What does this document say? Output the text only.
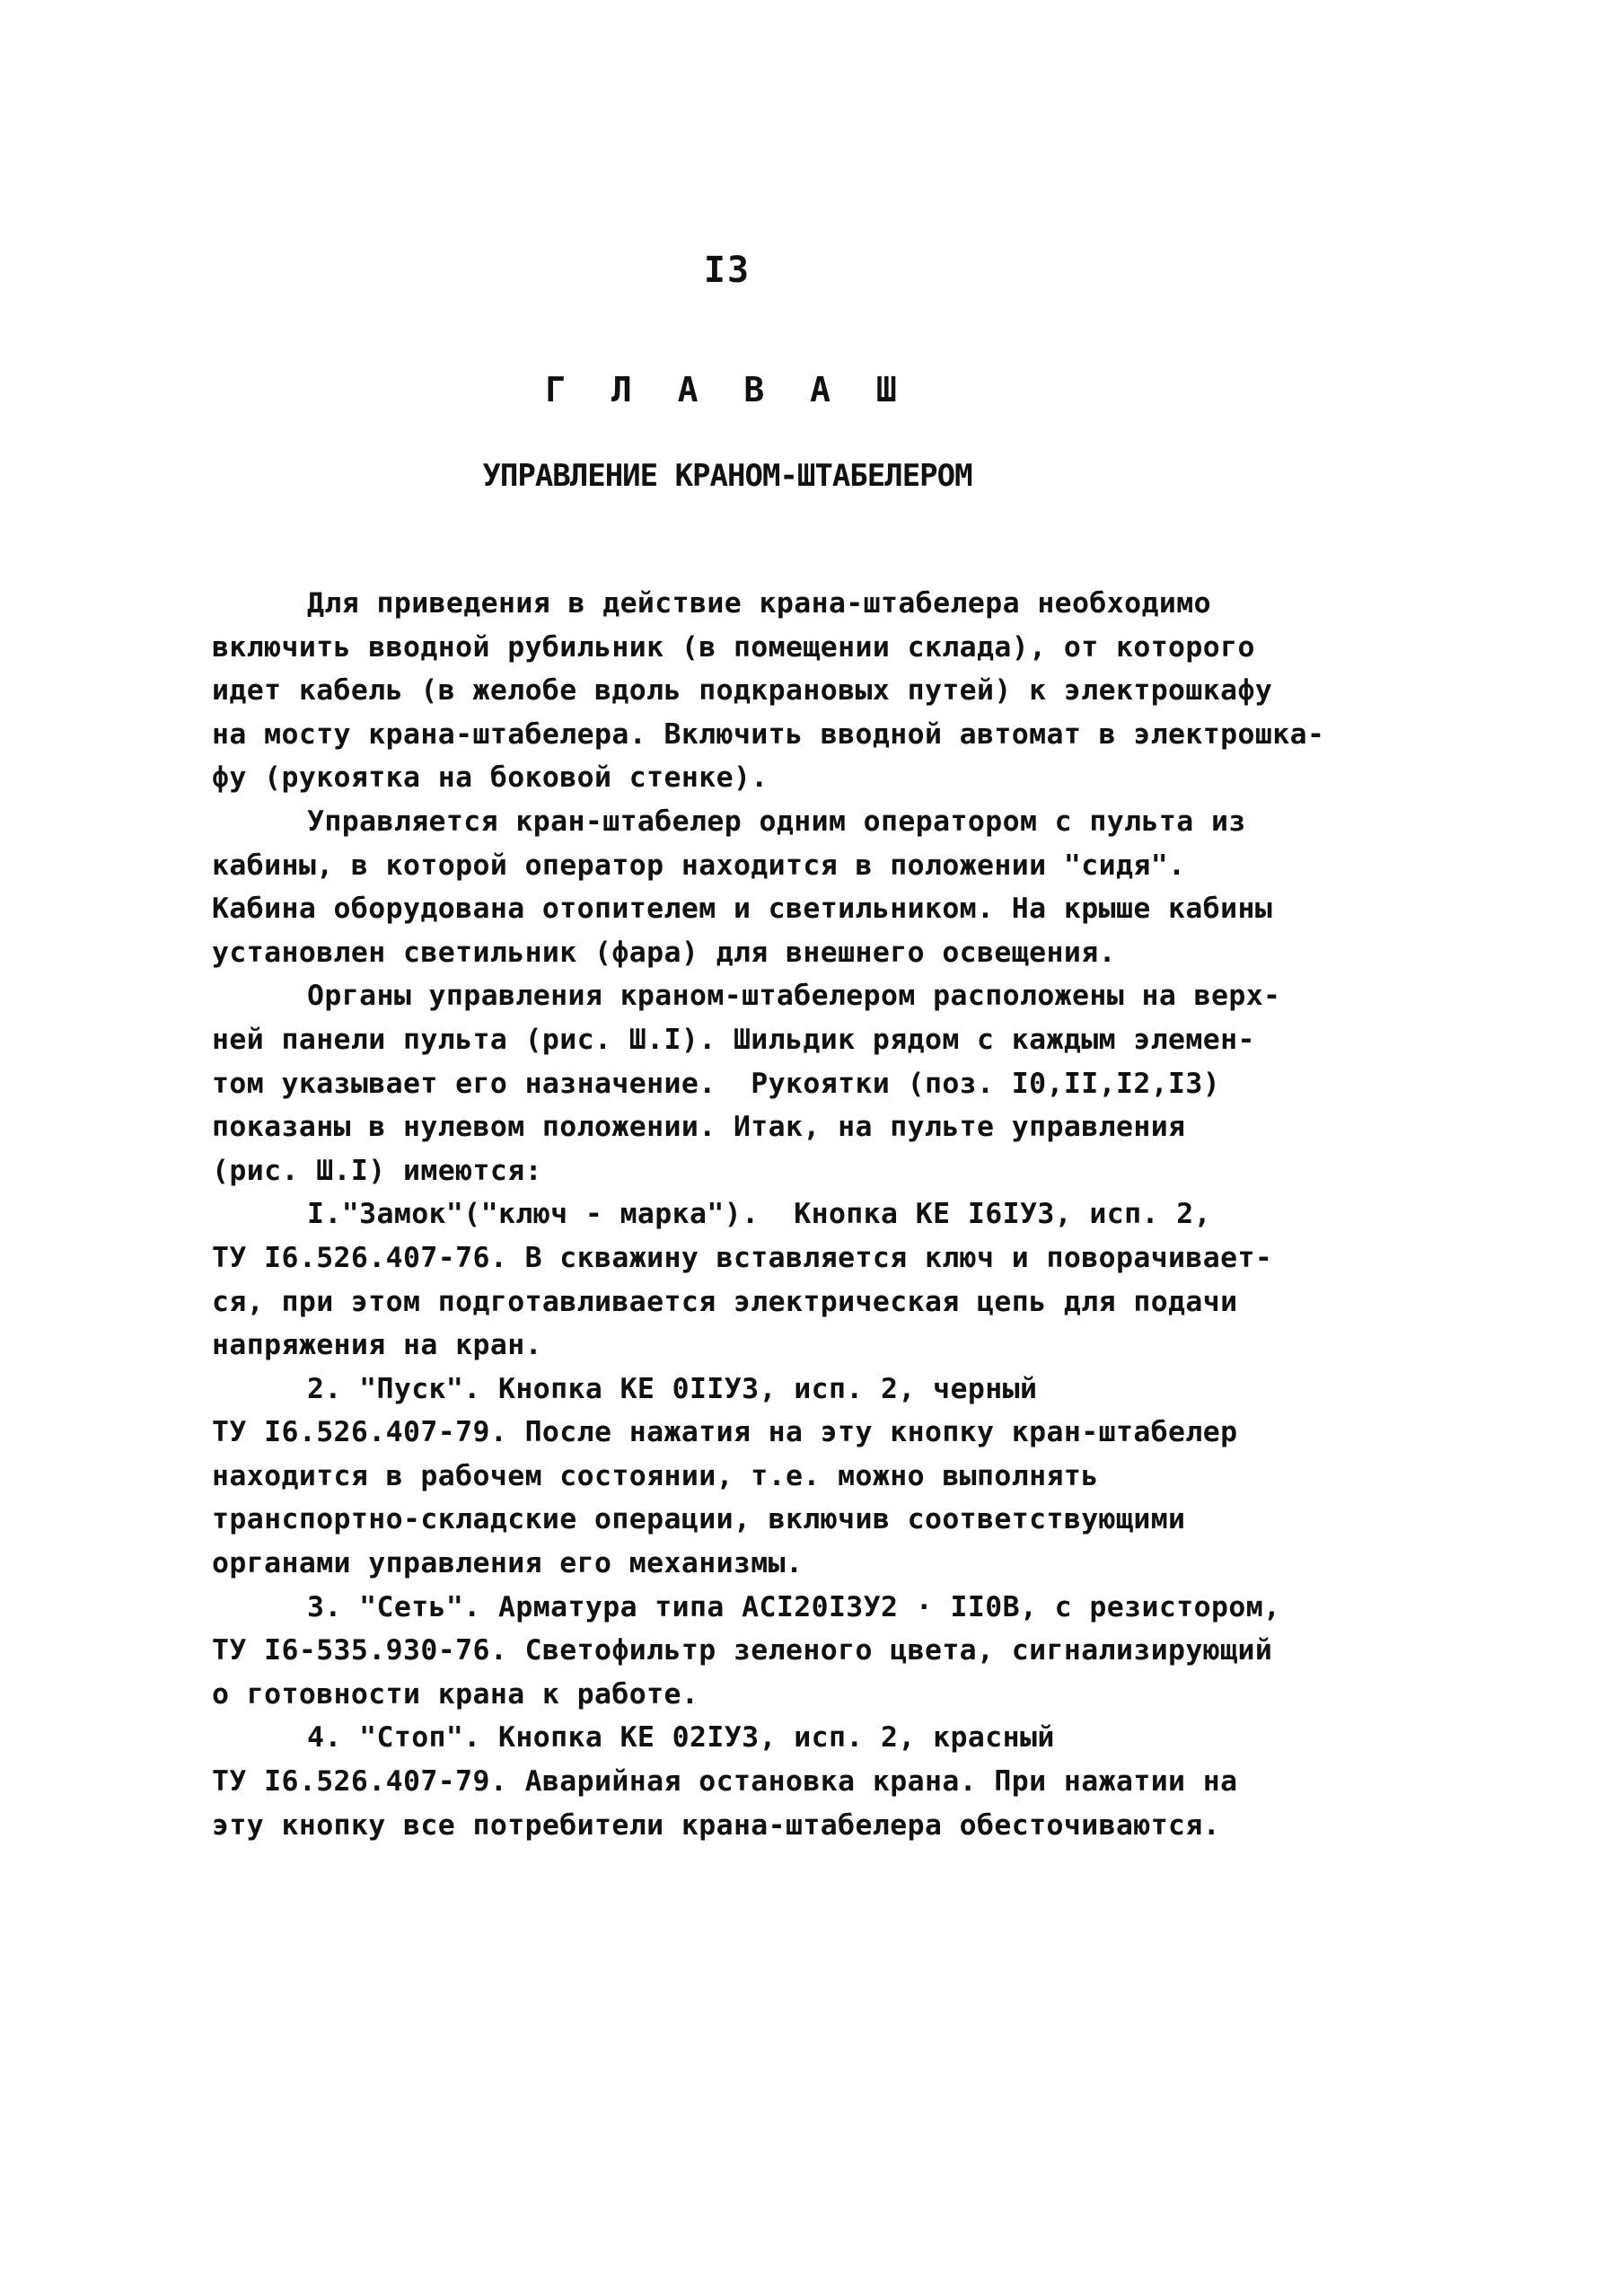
I3
Г Л А В А Ш
УПРАВЛЕНИЕ КРАНОМ-ШТАБЕЛЕРОМ
Для приведения в действие крана-штабелера необходимо
включить вводной рубильник (в помещении склада), от которого
идет кабель (в желобе вдоль подкрановых путей) к электрошкафу
на мосту крана-штабелера. Включить вводной автомат в электрошка-
фу (рукоятка на боковой стенке).
Управляется кран-штабелер одним оператором с пульта из
кабины, в которой оператор находится в положении "сидя".
Кабина оборудована отопителем и светильником. На крыше кабины
установлен светильник (фара) для внешнего освещения.
Органы управления краном-штабелером расположены на верх-
ней панели пульта (рис. Ш.I). Шильдик рядом с каждым элемен-
том указывает его назначение.  Рукоятки (поз. I0,II,I2,I3)
показаны в нулевом положении. Итак, на пульте управления
(рис. Ш.I) имеются:
I."Замок"("ключ - марка").  Кнопка КЕ I6IУЗ, исп. 2,
ТУ I6.526.407-76. В скважину вставляется ключ и поворачивает-
ся, при этом подготавливается электрическая цепь для подачи
напряжения на кран.
2. "Пуск". Кнопка КЕ 0IIУЗ, исп. 2, черный
ТУ I6.526.407-79. После нажатия на эту кнопку кран-штабелер
находится в рабочем состоянии, т.е. можно выполнять
транспортно-складские операции, включив соответствующими
органами управления его механизмы.
3. "Сеть". Арматура типа АСI20I3У2 · II0В, с резистором,
ТУ I6-535.930-76. Светофильтр зеленого цвета, сигнализирующий
о готовности крана к работе.
4. "Стоп". Кнопка КЕ 02IУЗ, исп. 2, красный
ТУ I6.526.407-79. Аварийная остановка крана. При нажатии на
эту кнопку все потребители крана-штабелера обесточиваются.
